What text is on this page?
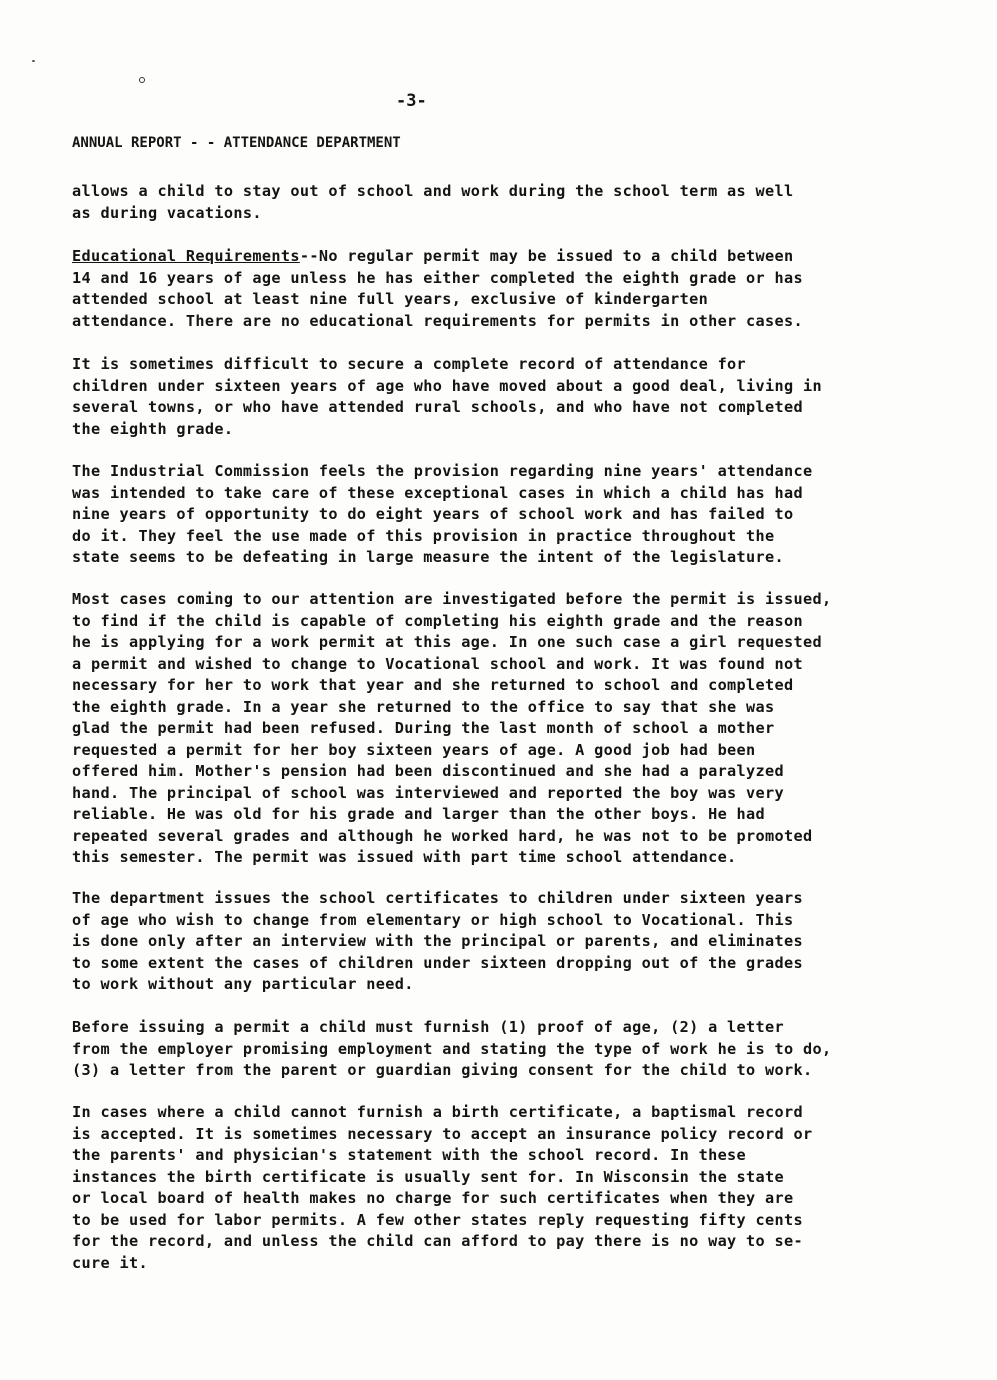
-3-
ANNUAL REPORT - - ATTENDANCE DEPARTMENT

allows a child to stay out of school and work during the school term as well
as during vacations.

Educational Requirements--No regular permit may be issued to a child between
14 and 16 years of age unless he has either completed the eighth grade or has
attended school at least nine full years, exclusive of kindergarten
attendance. There are no educational requirements for permits in other cases.

It is sometimes difficult to secure a complete record of attendance for
children under sixteen years of age who have moved about a good deal, living in
several towns, or who have attended rural schools, and who have not completed
the eighth grade.

The Industrial Commission feels the provision regarding nine years' attendance
was intended to take care of these exceptional cases in which a child has had
nine years of opportunity to do eight years of school work and has failed to
do it. They feel the use made of this provision in practice throughout the
state seems to be defeating in large measure the intent of the legislature.

Most cases coming to our attention are investigated before the permit is issued,
to find if the child is capable of completing his eighth grade and the reason
he is applying for a work permit at this age. In one such case a girl requested
a permit and wished to change to Vocational school and work. It was found not
necessary for her to work that year and she returned to school and completed
the eighth grade. In a year she returned to the office to say that she was
glad the permit had been refused. During the last month of school a mother
requested a permit for her boy sixteen years of age. A good job had been
offered him. Mother's pension had been discontinued and she had a paralyzed
hand. The principal of school was interviewed and reported the boy was very
reliable. He was old for his grade and larger than the other boys. He had
repeated several grades and although he worked hard, he was not to be promoted
this semester. The permit was issued with part time school attendance.

The department issues the school certificates to children under sixteen years
of age who wish to change from elementary or high school to Vocational. This
is done only after an interview with the principal or parents, and eliminates
to some extent the cases of children under sixteen dropping out of the grades
to work without any particular need.

Before issuing a permit a child must furnish (1) proof of age, (2) a letter
from the employer promising employment and stating the type of work he is to do,
(3) a letter from the parent or guardian giving consent for the child to work.

In cases where a child cannot furnish a birth certificate, a baptismal record
is accepted. It is sometimes necessary to accept an insurance policy record or
the parents' and physician's statement with the school record. In these
instances the birth certificate is usually sent for. In Wisconsin the state
or local board of health makes no charge for such certificates when they are
to be used for labor permits. A few other states reply requesting fifty cents
for the record, and unless the child can afford to pay there is no way to se-
cure it.
